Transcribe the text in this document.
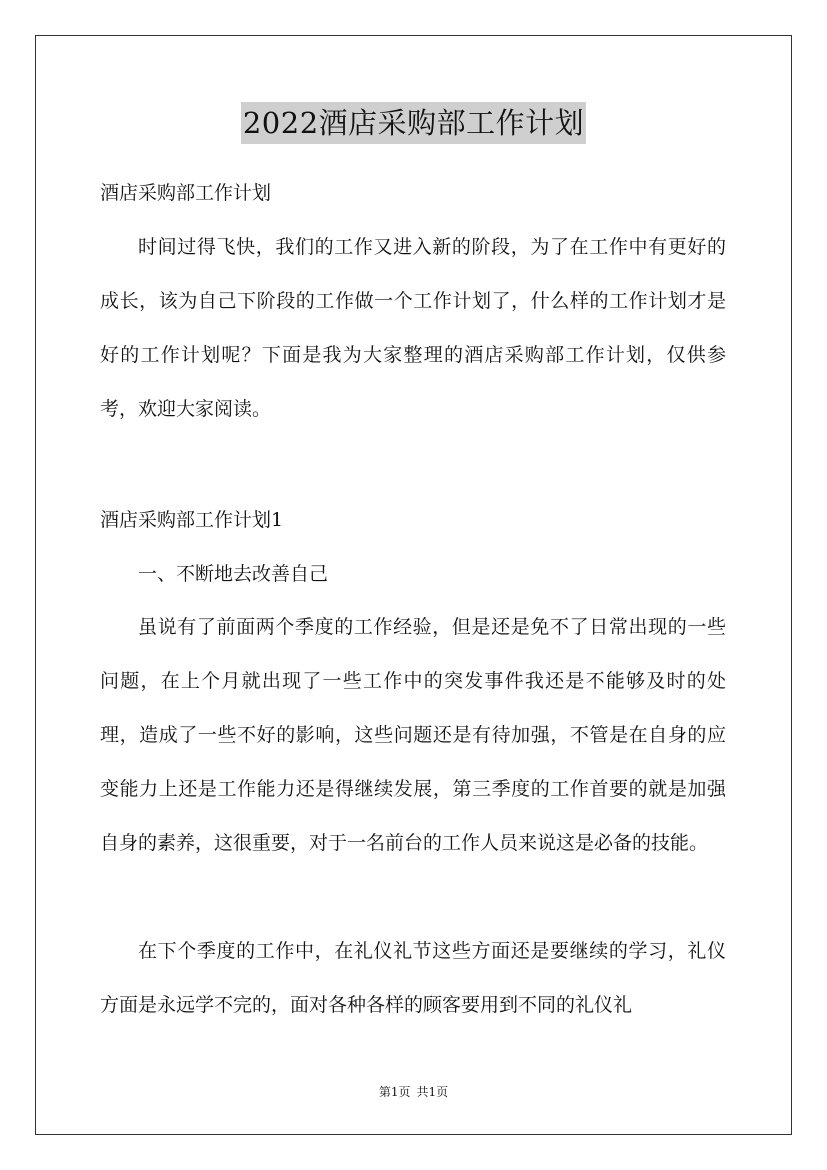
2022酒店采购部工作计划
酒店采购部工作计划
时间过得飞快，我们的工作又进入新的阶段，为了在工作中有更好的成长，该为自己下阶段的工作做一个工作计划了，什么样的工作计划才是好的工作计划呢？下面是我为大家整理的酒店采购部工作计划，仅供参考，欢迎大家阅读。
酒店采购部工作计划1
一、不断地去改善自己
虽说有了前面两个季度的工作经验，但是还是免不了日常出现的一些问题，在上个月就出现了一些工作中的突发事件我还是不能够及时的处理，造成了一些不好的影响，这些问题还是有待加强，不管是在自身的应变能力上还是工作能力还是得继续发展，第三季度的工作首要的就是加强自身的素养，这很重要，对于一名前台的工作人员来说这是必备的技能。
在下个季度的工作中，在礼仪礼节这些方面还是要继续的学习，礼仪方面是永远学不完的，面对各种各样的顾客要用到不同的礼仪礼
第1页 共1页
